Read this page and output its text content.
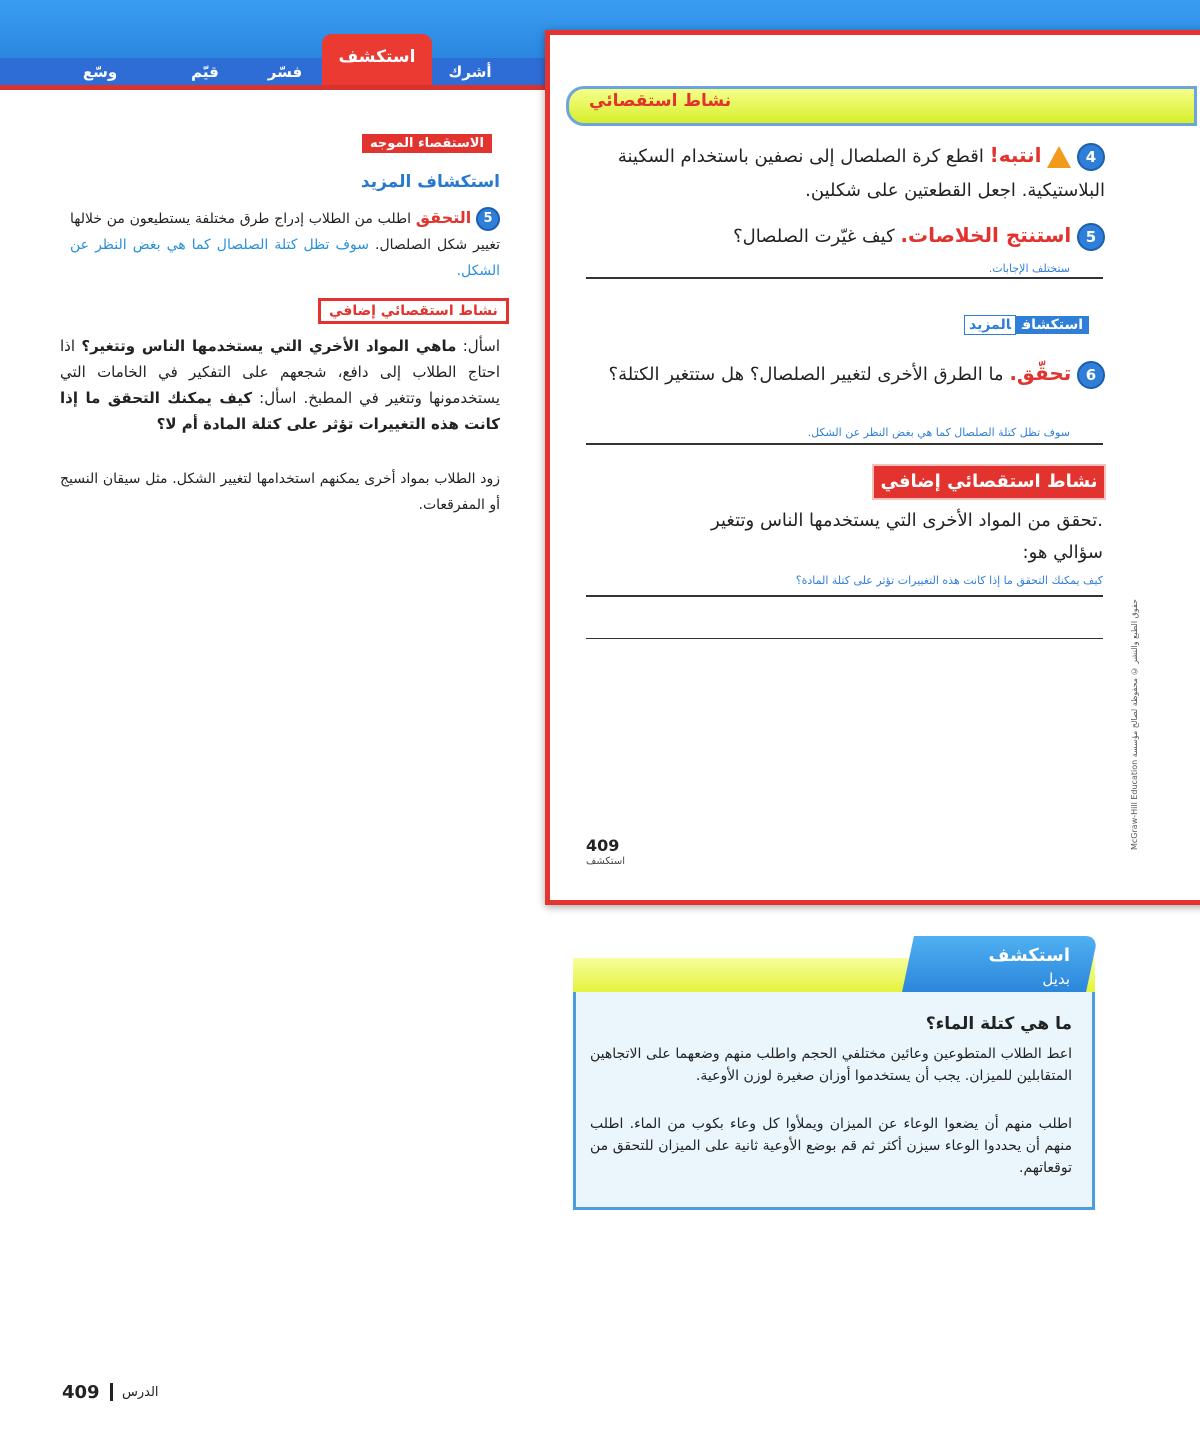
وسّع	قيّم	فسّر
استكشف
أشرك
الاستقصاء الموجه
استكشاف المزيد
5 التحقق اطلب من الطلاب إدراج طرق مختلفة يستطيعون من خلالها تغيير شكل الصلصال. سوف تظل كتلة الصلصال كما هي بغض النظر عن الشكل.
نشاط استقصائي إضافي
اسأل: ماهي المواد الأخري التي يستخدمها الناس وتتغير؟ اذا احتاج الطلاب إلى دافع، شجعهم على التفكير في الخامات التي يستخدمونها وتتغير في المطبخ. اسأل: كيف يمكنك التحقق ما إذا كانت هذه التغييرات تؤثر على كتلة المادة أم لا؟
زود الطلاب بمواد أخرى يمكنهم استخدامها لتغيير الشكل. مثل سيقان النسيج أو المفرقعات.
نشاط استقصائي
4  انتبه! اقطع كرة الصلصال إلى نصفين باستخدام السكينة البلاستيكية. اجعل القطعتين على شكلين.
5 استنتج الخلاصات. كيف غيّرت الصلصال؟
ستختلف الإجابات.
استكشافالمزيد
6 تحقّق. ما الطرق الأخرى لتغيير الصلصال؟ هل ستتغير الكتلة؟
سوف تظل كتلة الصلصال كما هي بغض النظر عن الشكل.
نشاط استقصائي إضافي
.تحقق من المواد الأخرى التي يستخدمها الناس وتتغير
سؤالي هو:
كيف يمكنك التحقق ما إذا كانت هذه التغييرات تؤثر على كتلة المادة؟
McGraw-Hill Education حقوق الطبع والنشر © محفوظة لصالح مؤسسة
409
استكشف
استكشف
بديل
ما هي كتلة الماء؟
اعط الطلاب المتطوعين وعائين مختلفي الحجم واطلب منهم وضعهما على الاتجاهين المتقابلين للميزان. يجب أن يستخدموا أوزان صغيرة لوزن الأوعية.
اطلب منهم أن يضعوا الوعاء عن الميزان ويملأوا كل وعاء بكوب من الماء. اطلب منهم أن يحددوا الوعاء سيزن أكثر ثم قم بوضع الأوعية ثانية على الميزان للتحقق من توقعاتهم.
409 الدرس
